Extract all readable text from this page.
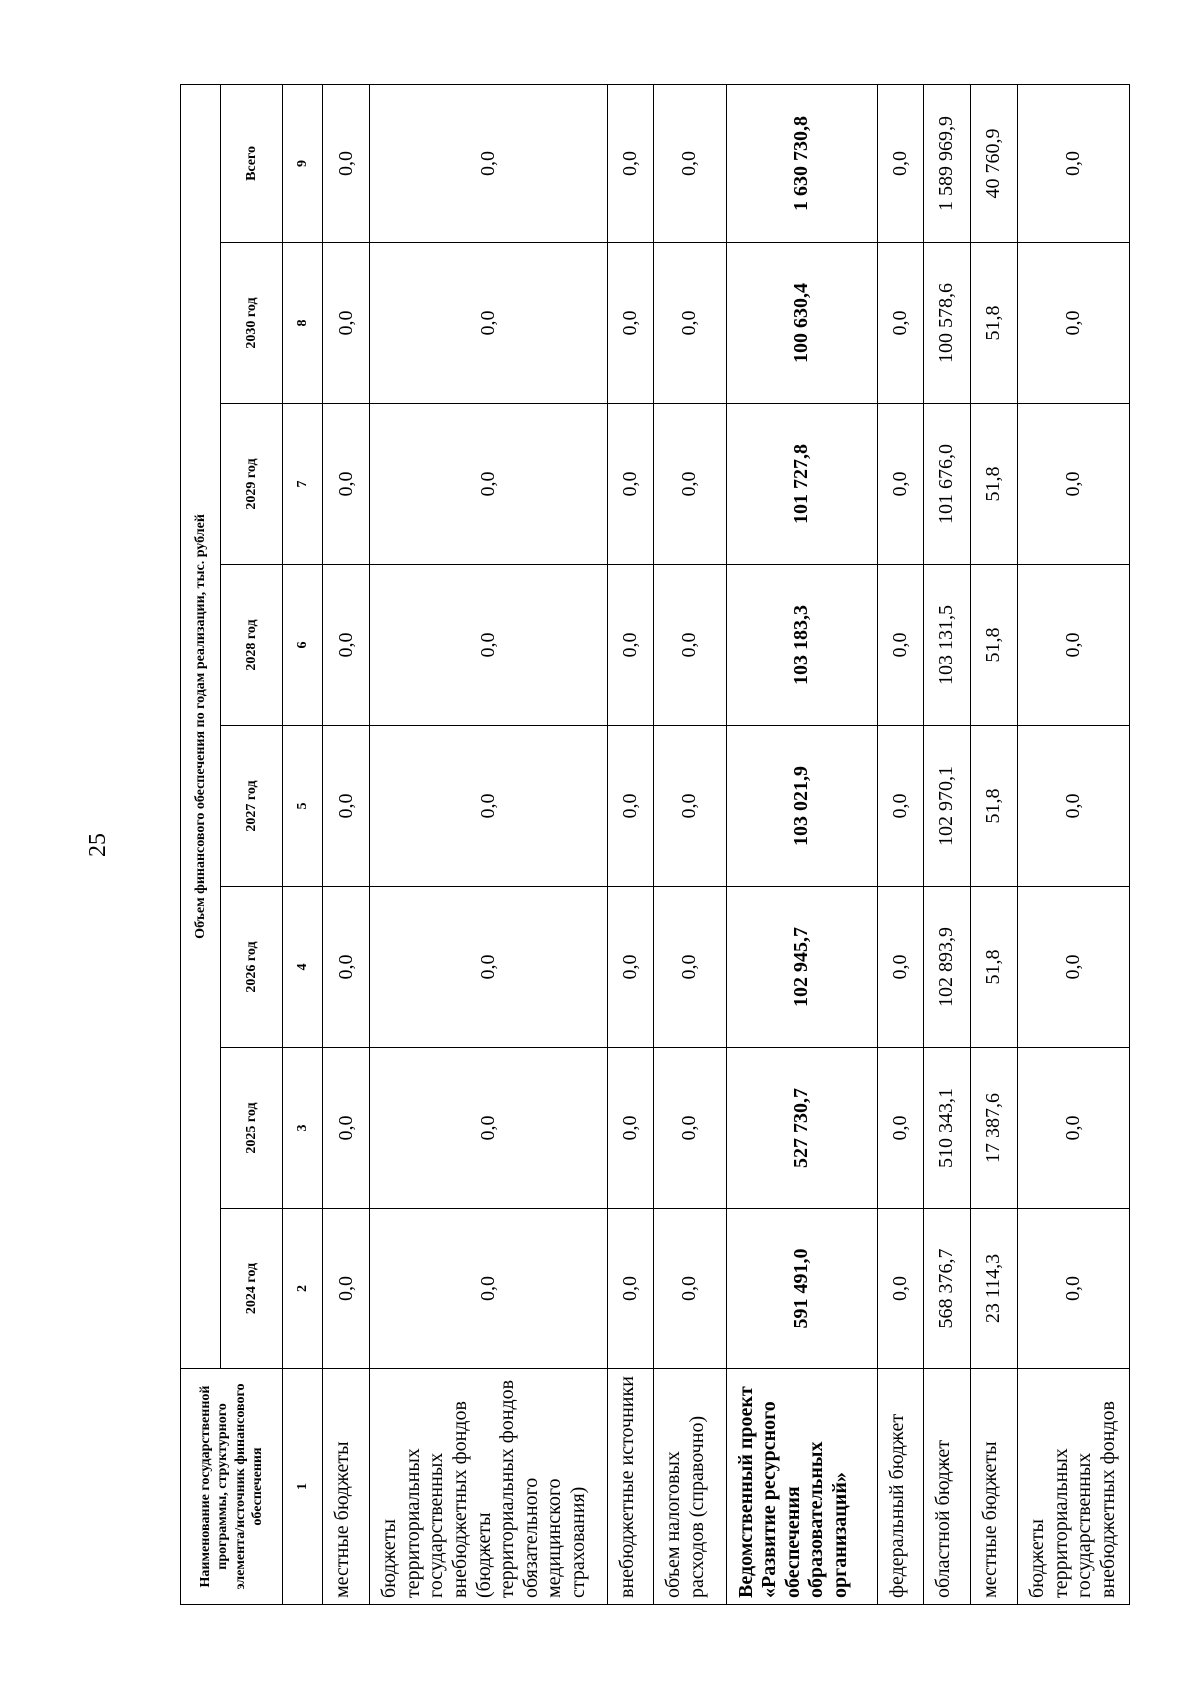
25
Наименование государственной программы, структурного элемента/источник финансового обеспечения	Объем финансового обеспечения по годам реализации, тыс. рублей							
	2024 год	2025 год	2026 год	2027 год	2028 год	2029 год	2030 год	Всего
1	2	3	4	5	6	7	8	9
местные бюджеты	0,0	0,0	0,0	0,0	0,0	0,0	0,0	0,0
бюджеты территориальных государственных внебюджетных фондов (бюджеты территориальных фондов обязательного медицинского страхования)	0,0	0,0	0,0	0,0	0,0	0,0	0,0	0,0
внебюджетные источники	0,0	0,0	0,0	0,0	0,0	0,0	0,0	0,0
объем налоговых расходов (справочно)	0,0	0,0	0,0	0,0	0,0	0,0	0,0	0,0
Ведомственный проект «Развитие ресурсного обеспечения образовательных организаций»	591 491,0	527 730,7	102 945,7	103 021,9	103 183,3	101 727,8	100 630,4	1 630 730,8
федеральный бюджет	0,0	0,0	0,0	0,0	0,0	0,0	0,0	0,0
областной бюджет	568 376,7	510 343,1	102 893,9	102 970,1	103 131,5	101 676,0	100 578,6	1 589 969,9
местные бюджеты	23 114,3	17 387,6	51,8	51,8	51,8	51,8	51,8	40 760,9
бюджеты территориальных государственных внебюджетных фондов	0,0	0,0	0,0	0,0	0,0	0,0	0,0	0,0
